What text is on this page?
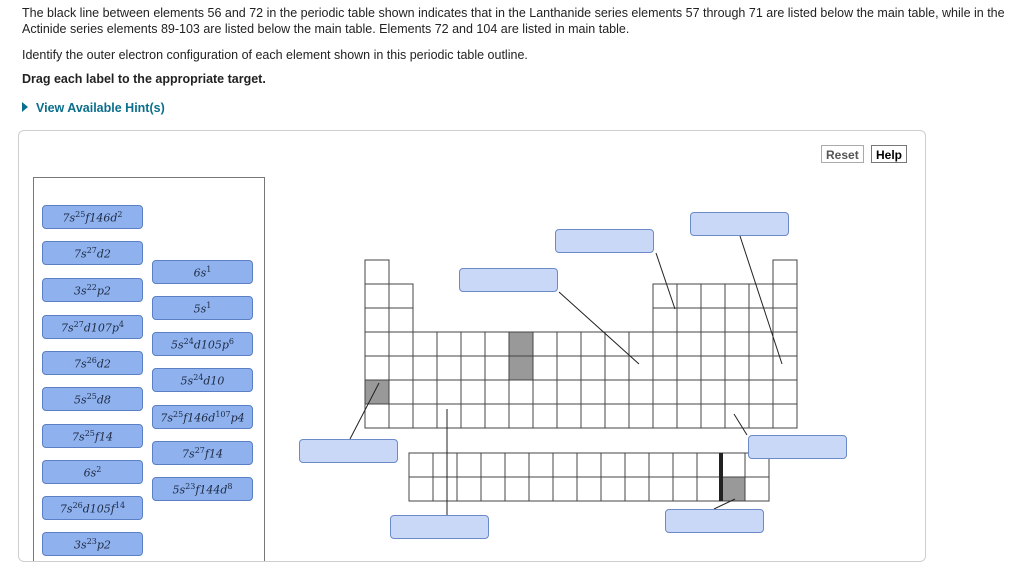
The black line between elements 56 and 72 in the periodic table shown indicates that in the Lanthanide series elements 57 through 71 are listed below the main table, while in the Actinide series elements 89-103 are listed below the main table. Elements 72 and 104 are listed in main table.
Identify the outer electron configuration of each element shown in this periodic table outline.
Drag each label to the appropriate target.
View Available Hint(s)
Reset	Help
$7s^{25}f146d^2$
$7s^{27}d2$
$3s^{22}p2$
$7s^{27}d107p^4$
$7s^{26}d2$
$5s^{25}d8$
$7s^{25}f14$
$6s^2$
$7s^{26}d105f^{14}$
$3s^{23}p2$
$6s^1$
$5s^1$
$5s^{24}d105p^6$
$5s^{24}d10$
$7s^{25}f146d^{107}p4$
$7s^{27}f14$
$5s^{23}f144d^8$
